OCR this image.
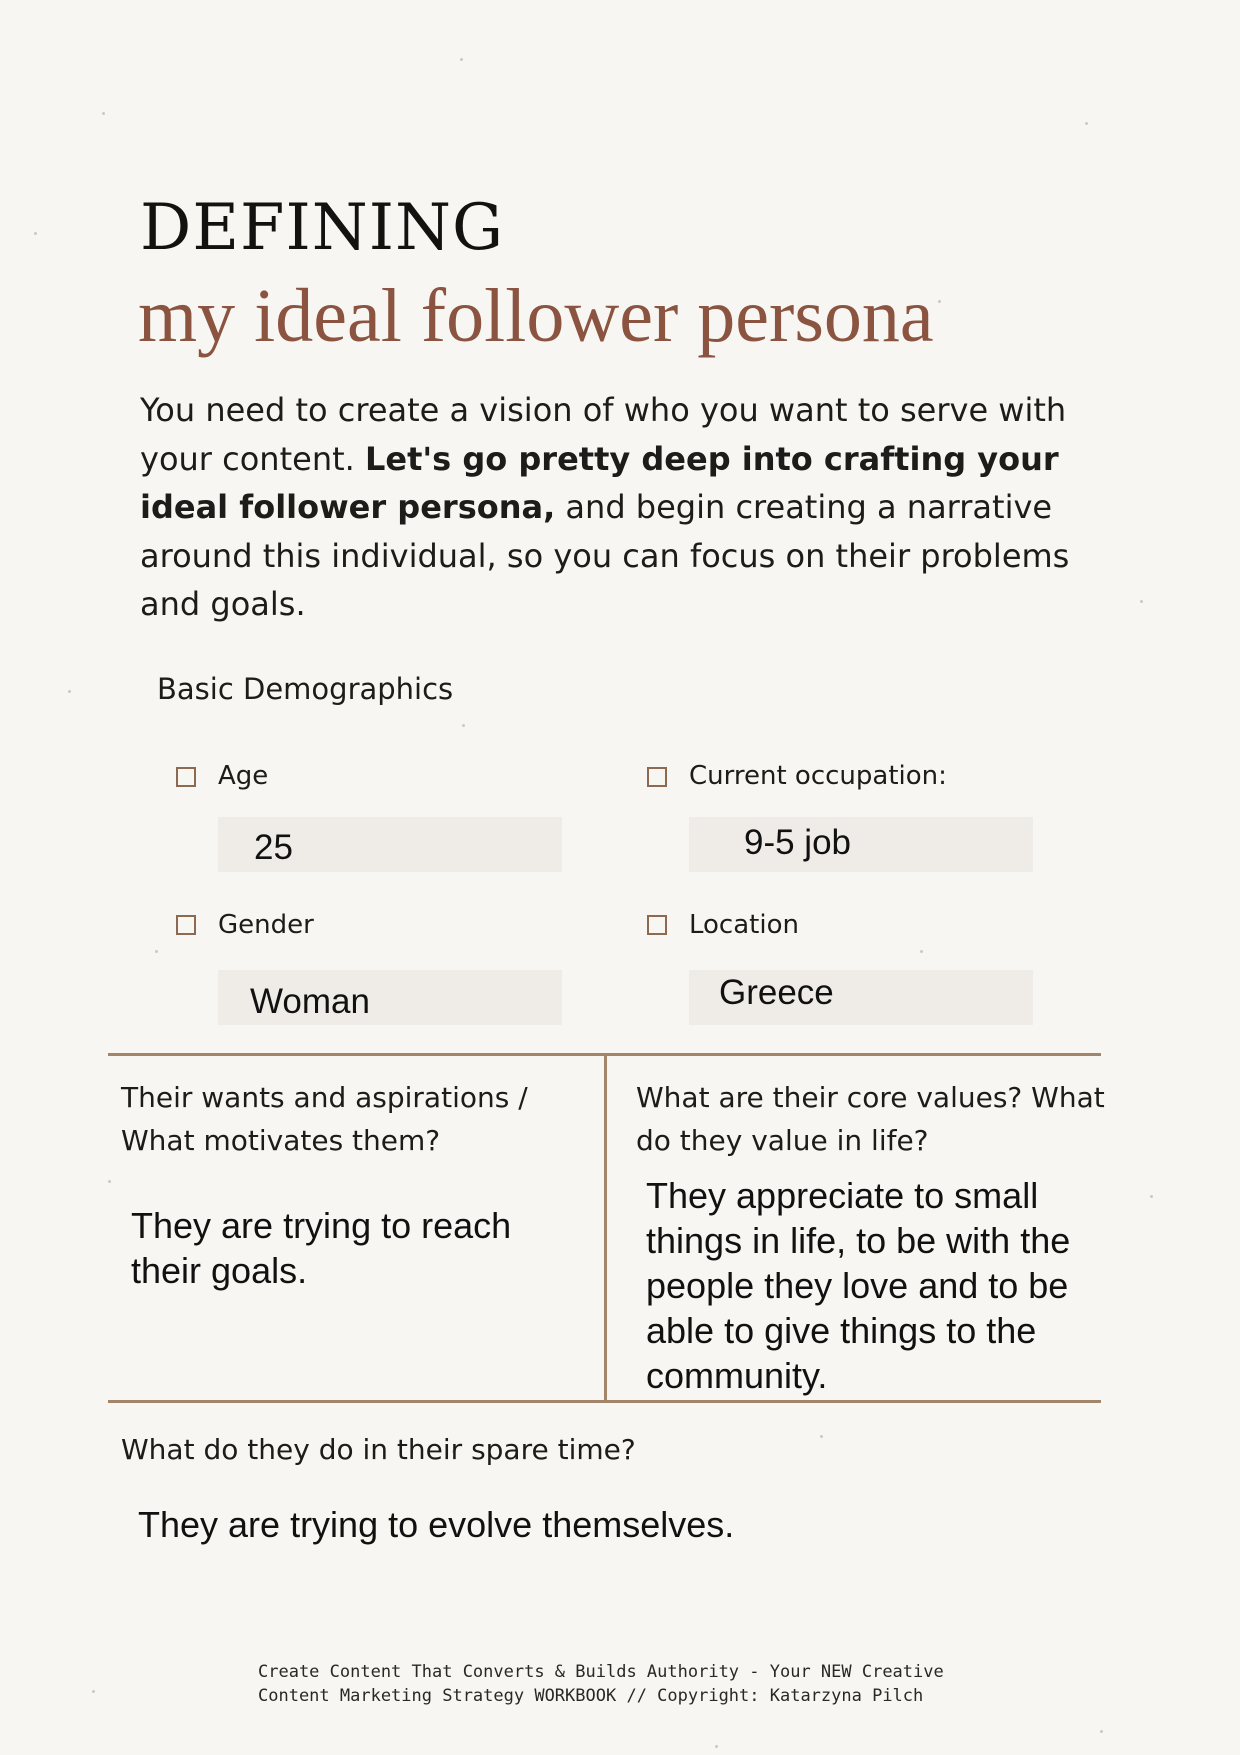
DEFINING
my ideal follower persona

You need to create a vision of who you want to serve with your content. Let's go pretty deep into crafting your ideal follower persona, and begin creating a narrative around this individual, so you can focus on their problems and goals.

Basic Demographics
Age
25
Current occupation:
9-5 job
Gender
Woman
Location
Greece
Their wants and aspirations / What motivates them?
They are trying to reach their goals.
What are their core values? What do they value in life?
They appreciate to small things in life, to be with the people they love and to be able to give things to the community.
What do they do in their spare time?
They are trying to evolve themselves.
Create Content That Converts & Builds Authority - Your NEW Creative Content Marketing Strategy WORKBOOK // Copyright: Katarzyna Pilch
